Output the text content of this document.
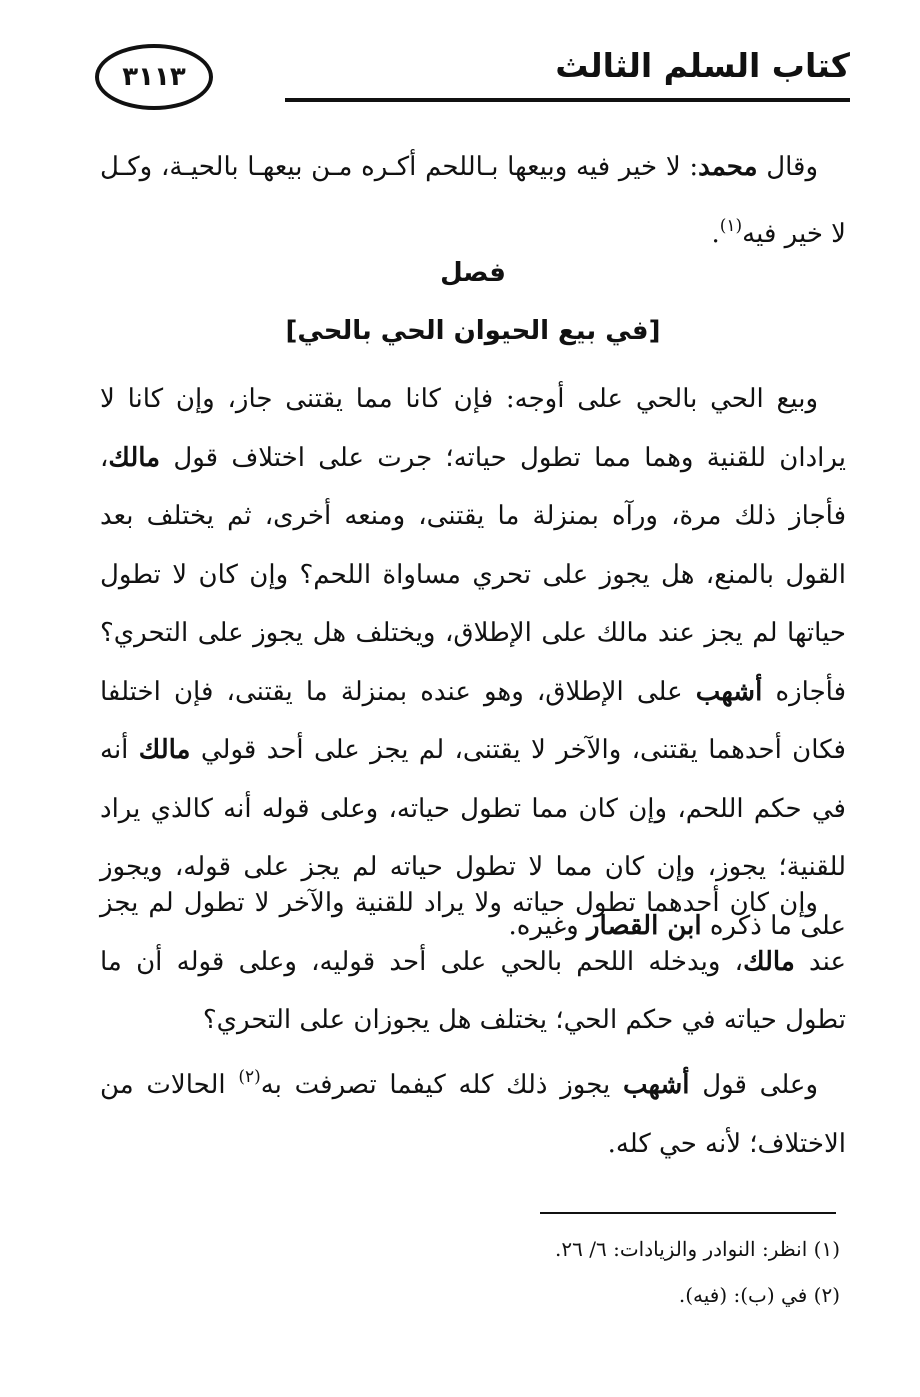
٣١١٣	كتاب السلم الثالث

وقال محمد: لا خير فيه وبيعها بـاللحم أكـره مـن بيعهـا بالحيـة، وكـل لا خير فيه$^{(١)}$.

فصل
[في بيع الحيوان الحي بالحي]

وبيع الحي بالحي على أوجه: فإن كانا مما يقتنى جاز، وإن كانا لا يرادان للقنية وهما مما تطول حياته؛ جرت على اختلاف قول مالك، فأجاز ذلك مرة، ورآه بمنزلة ما يقتنى، ومنعه أخرى، ثم يختلف بعد القول بالمنع، هل يجوز على تحري مساواة اللحم؟ وإن كان لا تطول حياتها لم يجز عند مالك على الإطلاق، ويختلف هل يجوز على التحري؟فأجازه أشهب على الإطلاق، وهو عنده بمنزلة ما يقتنى، فإن اختلفا فكان أحدهما يقتنى، والآخر لا يقتنى، لم يجز على أحد قولي مالك أنه في حكم اللحم، وإن كان مما تطول حياته، وعلى قوله أنه كالذي يراد للقنية؛ يجوز، وإن كان مما لا تطول حياته لم يجز على قوله، ويجوز على ما ذكره ابن القصار وغيره.

وإن كان أحدهما تطول حياته ولا يراد للقنية والآخر لا تطول لم يجز عند مالك، ويدخله اللحم بالحي على أحد قوليه، وعلى قوله أن ما تطول حياته في حكم الحي؛ يختلف هل يجوزان على التحري؟

وعلى قول أشهب يجوز ذلك كله كيفما تصرفت به$^{(٢)}$ الحالات من الاختلاف؛ لأنه حي كله.

(١) انظر: النوادر والزيادات: ٦/ ٢٦.
(٢) في (ب): (فيه).
